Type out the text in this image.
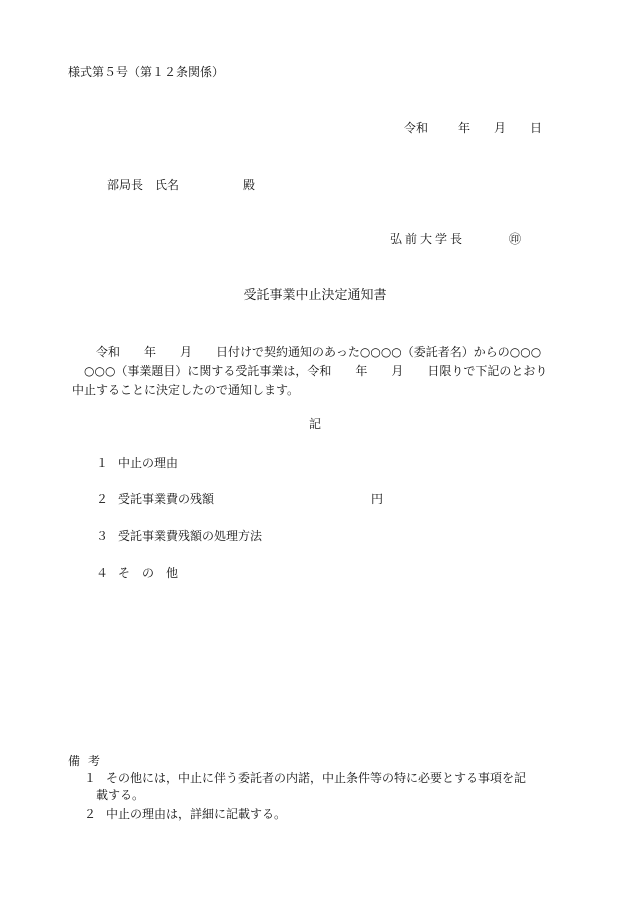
様式第５号（第１２条関係）
令和	年 月 日
部局長　氏名	殿
弘前大学長	㊞
受託事業中止決定通知書

令和　　年　　月　　日付けで契約通知のあった○○○○（委託者名）からの○○○

○○○（事業題目）に関する受託事業は，令和　　年　　月　　日限りで下記のとおり

中止することに決定したので通知します。

記
１ 中止の理由
２ 受託事業費の残額	円
３ 受託事業費残額の処理方法
４ そ　の　他
備考
１ その他には，中止に伴う委託者の内諾，中止条件等の特に必要とする事項を記
載する。
２ 中止の理由は，詳細に記載する。
